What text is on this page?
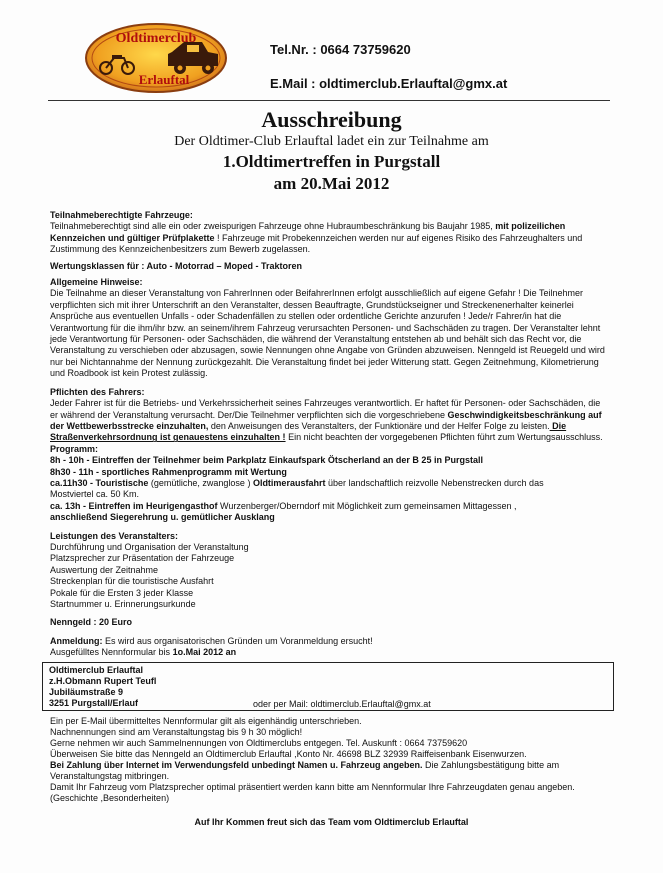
Oldtimerclub
Erlauftal
Tel.Nr. : 0664 73759620
E.Mail : oldtimerclub.Erlauftal@gmx.at
Ausschreibung
Der Oldtimer-Club Erlauftal ladet ein zur Teilnahme am
1.Oldtimertreffen in Purgstall
am 20.Mai 2012

Teilnahmeberechtigte Fahrzeuge:

Teilnahmeberechtigt sind alle ein oder zweispurigen Fahrzeuge ohne Hubraumbeschränkung bis Baujahr 1985, mit polizeilichen Kennzeichen und gültiger Prüfplakette ! Fahrzeuge mit Probekennzeichen werden nur auf eigenes Risiko des Fahrzeughalters und Zustimmung des Kennzeichenbesitzers zum Bewerb zugelassen.

Wertungsklassen für : Auto - Motorrad – Moped - Traktoren

Allgemeine Hinweise:

Die Teilnahme an dieser Veranstaltung von FahrerInnen oder BeifahrerInnen erfolgt ausschließlich auf eigene Gefahr ! Die Teilnehmer verpflichten sich mit ihrer Unterschrift an den Veranstalter, dessen Beauftragte, Grundstückseigner und Streckenenerhalter keinerlei Ansprüche aus eventuellen Unfalls - oder Schadenfällen zu stellen oder ordentliche Gerichte anzurufen ! Jede/r Fahrer/in hat die Verantwortung für die ihm/ihr bzw. an seinem/ihrem Fahrzeug verursachten Personen- und Sachschäden zu tragen. Der Veranstalter lehnt jede Verantwortung für Personen- oder Sachschäden, die während der Veranstaltung entstehen ab und behält sich das Recht vor, die Veranstaltung zu verschieben oder abzusagen, sowie Nennungen ohne Angabe von Gründen abzuweisen. Nenngeld ist Reuegeld und wird nur bei Nichtannahme der Nennung zurückgezahlt. Die Veranstaltung findet bei jeder Witterung statt. Gegen Zeitnehmung, Kilometrierung und Roadbook ist kein Protest zulässig.

Pflichten des Fahrers:

Jeder Fahrer ist für die Betriebs- und Verkehrssicherheit seines Fahrzeuges verantwortlich. Er haftet für Personen- oder Sachschäden, die er während der Veranstaltung verursacht. Der/Die Teilnehmer verpflichten sich die vorgeschriebene Geschwindigkeitsbeschränkung auf der Wettbewerbsstrecke einzuhalten, den Anweisungen des Veranstalters, der Funktionäre und der Helfer Folge zu leisten. Die Straßenverkehrsordnung ist genauestens einzuhalten ! Ein nicht beachten der vorgegebenen Pflichten führt zum Wertungsausschluss.

Programm:

8h - 10h - Eintreffen der Teilnehmer beim Parkplatz Einkaufspark Ötscherland an der B 25 in Purgstall

8h30 - 11h - sportliches Rahmenprogramm mit Wertung

ca.11h30 - Touristische (gemütliche, zwanglose ) Oldtimerausfahrt über landschaftlich reizvolle Nebenstrecken durch das

Mostviertel ca. 50 Km.

ca. 13h - Eintreffen im Heurigengasthof Wurzenberger/Oberndorf mit Möglichkeit zum gemeinsamen Mittagessen ,

anschließend Siegerehrung u. gemütlicher Ausklang

Leistungen des Veranstalters:

Durchführung und Organisation der Veranstaltung

Platzsprecher zur Präsentation der Fahrzeuge

Auswertung der Zeitnahme

Streckenplan für die touristische Ausfahrt

Pokale für die Ersten 3 jeder Klasse

Startnummer u. Erinnerungsurkunde

Nenngeld : 20 Euro

Anmeldung: Es wird aus organisatorischen Gründen um Voranmeldung ersucht!

Ausgefülltes Nennformular bis 1o.Mai 2012 an

Oldtimerclub Erlauftal
z.H.Obmann Rupert Teufl
Jubiläumstraße 9
3251 Purgstall/Erlauf	oder per Mail: oldtimerclub.Erlauftal@gmx.at

Ein per E-Mail übermitteltes Nennformular gilt als eigenhändig unterschrieben.

Nachnennungen sind am Veranstaltungstag bis 9 h 30 möglich!

Gerne nehmen wir auch Sammelnennungen von Oldtimerclubs entgegen. Tel. Auskunft : 0664 73759620

Überweisen Sie bitte das Nenngeld an Oldtimerclub Erlauftal ,Konto Nr. 46698 BLZ 32939 Raiffeisenbank Eisenwurzen.

Bei Zahlung über Internet im Verwendungsfeld unbedingt Namen u. Fahrzeug angeben. Die Zahlungsbestätigung bitte am

Veranstaltungstag mitbringen.

Damit Ihr Fahrzeug vom Platzsprecher optimal präsentiert werden kann bitte am Nennformular Ihre Fahrzeugdaten genau angeben.

(Geschichte ,Besonderheiten)

Auf Ihr Kommen freut sich das Team vom Oldtimerclub Erlauftal
